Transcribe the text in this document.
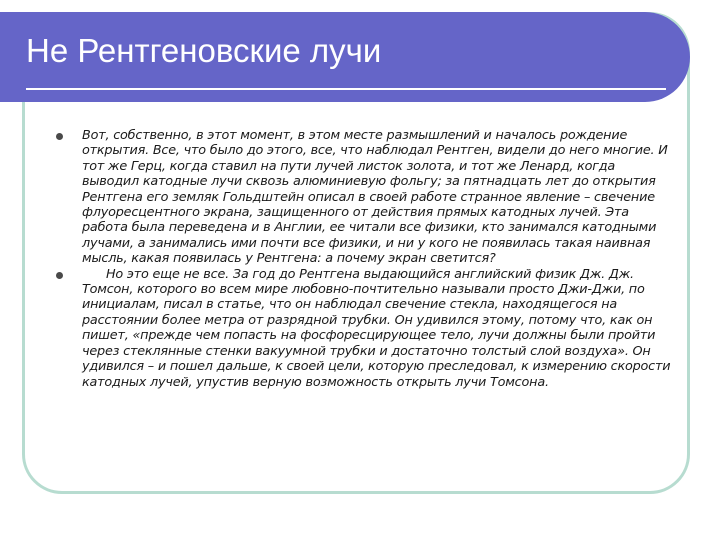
Не Рентгеновские лучи
Вот, собственно, в этот момент, в этом месте размышлений и началось рождение открытия. Все, что было до этого, все, что наблюдал Рентген, видели до него многие. И тот же Герц, когда ставил на пути лучей листок золота, и тот же Ленард, когда выводил катодные лучи сквозь алюминиевую фольгу; за пятнадцать лет до открытия Рентгена его земляк Гольдштейн описал в своей работе странное явление – свечение флуоресцентного экрана, защищенного от действия прямых катодных лучей. Эта работа была переведена и в Англии, ее читали все физики, кто занимался катодными лучами, а занимались ими почти все физики, и ни у кого не появилась такая наивная мысль, какая появилась у Рентгена: а почему экран светится?
Но это еще не все. За год до Рентгена выдающийся английский физик Дж. Дж. Томсон, которого во всем мире любовно-почтительно называли просто Джи-Джи, по инициалам, писал в статье, что он наблюдал свечение стекла, находящегося на расстоянии более метра от разрядной трубки. Он удивился этому, потому что, как он пишет, «прежде чем попасть на фосфоресцирующее тело, лучи должны были пройти через стеклянные стенки вакуумной трубки и достаточно толстый слой воздуха». Он удивился – и пошел дальше, к своей цели, которую преследовал, к измерению скорости катодных лучей, упустив верную возможность открыть лучи Томсона.
